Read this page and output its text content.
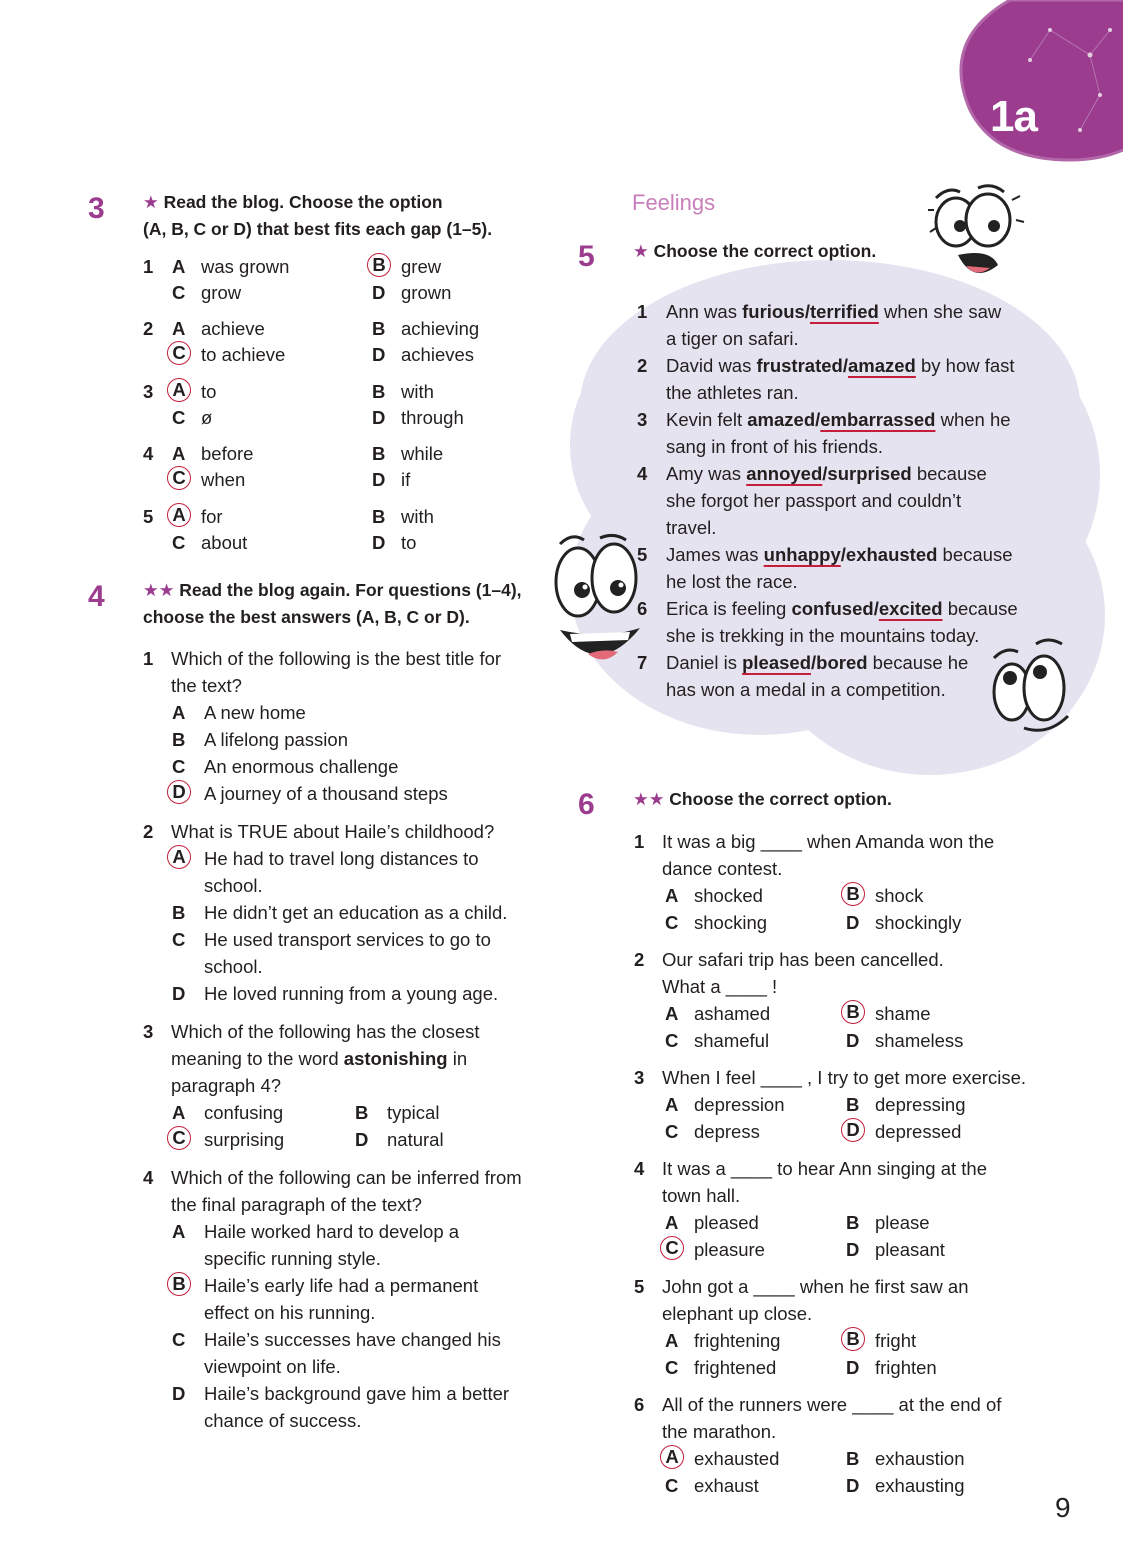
1a
3 ★ Read the blog. Choose the option
(A, B, C or D) that best fits each gap (1–5).
1 A was grown	B grew
C grow	D grown
2 A achieve	B achieving
C to achieve	D achieves
3 A to	B with
C ø	D through
4 A before	B while
C when	D if
5 A for	B with
C about	D to
4 ★★ Read the blog again. For questions (1–4),
choose the best answers (A, B, C or D).
1 Which of the following is the best title for
the text?
A A new home
B A lifelong passion
C An enormous challenge
D A journey of a thousand steps
2 What is TRUE about Haile’s childhood?
A He had to travel long distances to
school.
B He didn’t get an education as a child.
C He used transport services to go to
school.
D He loved running from a young age.
3 Which of the following has the closest
meaning to the word astonishing in
paragraph 4?
A confusing	B typical
C surprising	D natural
4 Which of the following can be inferred from
the final paragraph of the text?
A Haile worked hard to develop a
specific running style.
B Haile’s early life had a permanent
effect on his running.
C Haile’s successes have changed his
viewpoint on life.
D Haile’s background gave him a better
chance of success.
Feelings
5 ★ Choose the correct option.
1 Ann was furious/terrified when she saw
a tiger on safari.
2 David was frustrated/amazed by how fast
the athletes ran.
3 Kevin felt amazed/embarrassed when he
sang in front of his friends.
4 Amy was annoyed/surprised because
she forgot her passport and couldn’t
travel.
5 James was unhappy/exhausted because
he lost the race.
6 Erica is feeling confused/excited because
she is trekking in the mountains today.
7 Daniel is pleased/bored because he
has won a medal in a competition.
6 ★★ Choose the correct option.
1 It was a big ____ when Amanda won the
dance contest.
A shocked	B shock
C shocking	D shockingly
2 Our safari trip has been cancelled.
What a ____ !
A ashamed	B shame
C shameful	D shameless
3 When I feel ____ , I try to get more exercise.
A depression	B depressing
C depress	D depressed
4 It was a ____ to hear Ann singing at the
town hall.
A pleased	B please
C pleasure	D pleasant
5 John got a ____ when he first saw an
elephant up close.
A frightening	B fright
C frightened	D frighten
6 All of the runners were ____ at the end of
the marathon.
A exhausted	B exhaustion
C exhaust	D exhausting
9
